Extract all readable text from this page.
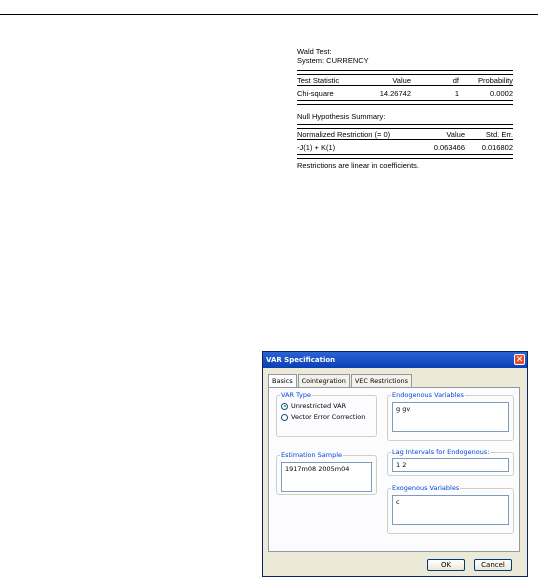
Wald Test:
System: CURRENCY
Test Statistic	Value	df	Probability
Chi-square	14.26742	1	0.0002
Null Hypothesis Summary:
Normalized Restriction (= 0)	Value	Std. Err.
-J(1) + K(1)	0.063466	0.016802
Restrictions are linear in coefficients.
VAR Specification	✕
Basics	Cointegration	VEC Restrictions
VAR Type
Unrestricted VAR
Vector Error Correction
Estimation Sample
1917m08 2005m04
Endogenous Variables
g gv
Lag Intervals for Endogenous:
1 2
Exogenous Variables
c
OK	Cancel
